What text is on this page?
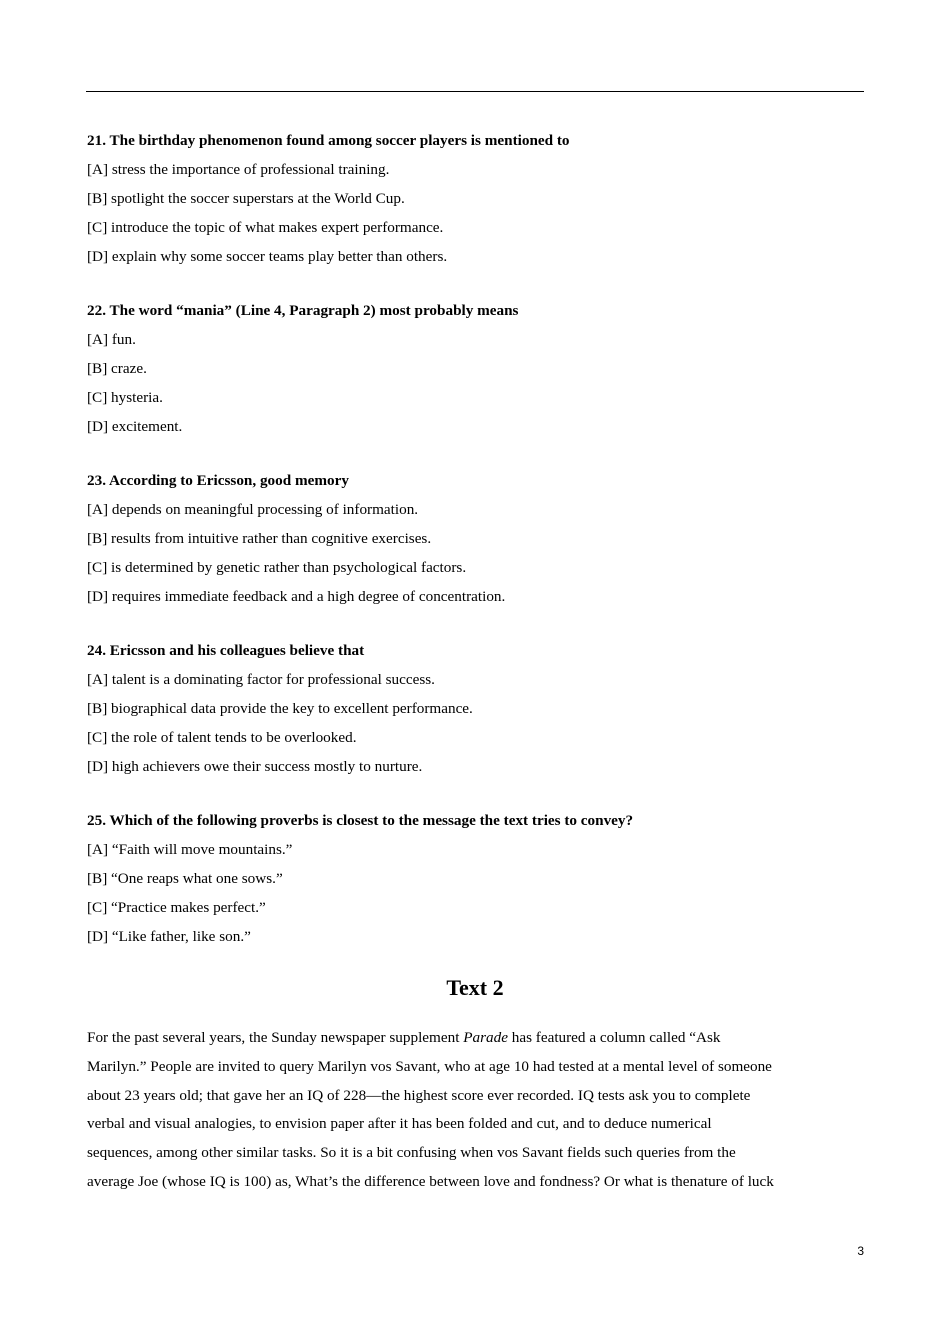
21. The birthday phenomenon found among soccer players is mentioned to
[A] stress the importance of professional training.
[B] spotlight the soccer superstars at the World Cup.
[C] introduce the topic of what makes expert performance.
[D] explain why some soccer teams play better than others.
22. The word “mania” (Line 4, Paragraph 2) most probably means
[A] fun.
[B] craze.
[C] hysteria.
[D] excitement.
23. According to Ericsson, good memory
[A] depends on meaningful processing of information.
[B] results from intuitive rather than cognitive exercises.
[C] is determined by genetic rather than psychological factors.
[D] requires immediate feedback and a high degree of concentration.
24. Ericsson and his colleagues believe that
[A] talent is a dominating factor for professional success.
[B] biographical data provide the key to excellent performance.
[C] the role of talent tends to be overlooked.
[D] high achievers owe their success mostly to nurture.
25. Which of the following proverbs is closest to the message the text tries to convey?
[A] “Faith will move mountains.”
[B] “One reaps what one sows.”
[C] “Practice makes perfect.”
[D] “Like father, like son.”
Text 2
For the past several years, the Sunday newspaper supplement Parade has featured a column called “Ask
Marilyn.” People are invited to query Marilyn vos Savant, who at age 10 had tested at a mental level of someone
about 23 years old; that gave her an IQ of 228—the highest score ever recorded. IQ tests ask you to complete
verbal and visual analogies, to envision paper after it has been folded and cut, and to deduce numerical
sequences, among other similar tasks. So it is a bit confusing when vos Savant fields such queries from the
average Joe (whose IQ is 100) as, What’s the difference between love and fondness? Or what is thenature of luck
3
